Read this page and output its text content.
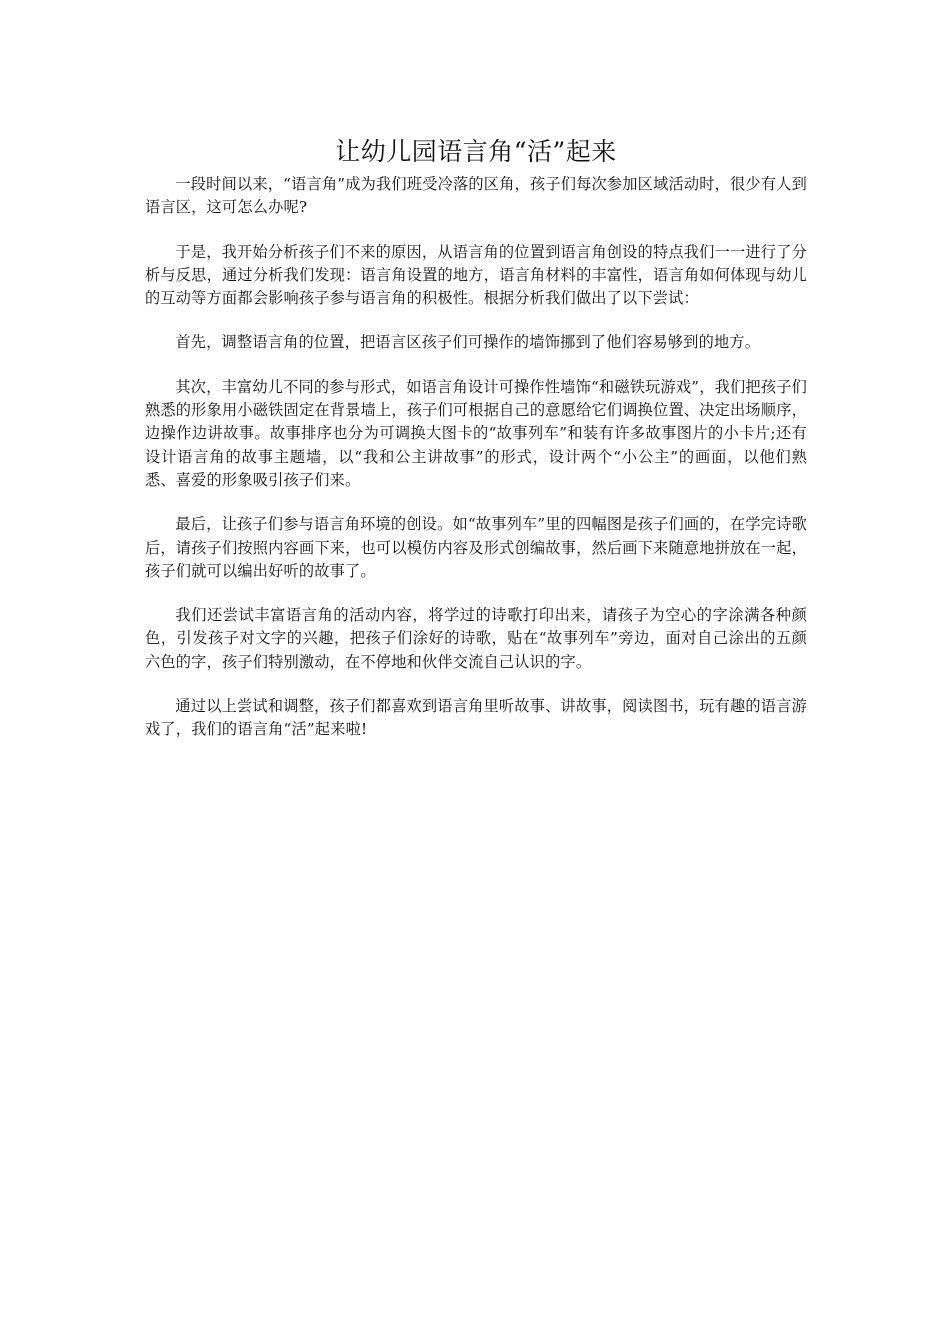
让幼儿园语言角“活”起来

一段时间以来，“语言角”成为我们班受冷落的区角，孩子们每次参加区域活动时，很少有人到语言区，这可怎么办呢?

于是，我开始分析孩子们不来的原因，从语言角的位置到语言角创设的特点我们一一进行了分析与反思，通过分析我们发现：语言角设置的地方，语言角材料的丰富性，语言角如何体现与幼儿的互动等方面都会影响孩子参与语言角的积极性。根据分析我们做出了以下尝试：

首先，调整语言角的位置，把语言区孩子们可操作的墙饰挪到了他们容易够到的地方。

其次，丰富幼儿不同的参与形式，如语言角设计可操作性墙饰“和磁铁玩游戏”，我们把孩子们熟悉的形象用小磁铁固定在背景墙上，孩子们可根据自己的意愿给它们调换位置、决定出场顺序，边操作边讲故事。故事排序也分为可调换大图卡的“故事列车”和装有许多故事图片的小卡片;还有设计语言角的故事主题墙，以“我和公主讲故事”的形式，设计两个“小公主”的画面，以他们熟悉、喜爱的形象吸引孩子们来。

最后，让孩子们参与语言角环境的创设。如“故事列车”里的四幅图是孩子们画的，在学完诗歌后，请孩子们按照内容画下来，也可以模仿内容及形式创编故事，然后画下来随意地拼放在一起，孩子们就可以编出好听的故事了。

我们还尝试丰富语言角的活动内容，将学过的诗歌打印出来，请孩子为空心的字涂满各种颜色，引发孩子对文字的兴趣，把孩子们涂好的诗歌，贴在“故事列车”旁边，面对自己涂出的五颜六色的字，孩子们特别激动，在不停地和伙伴交流自己认识的字。

通过以上尝试和调整，孩子们都喜欢到语言角里听故事、讲故事，阅读图书，玩有趣的语言游戏了，我们的语言角“活”起来啦!
